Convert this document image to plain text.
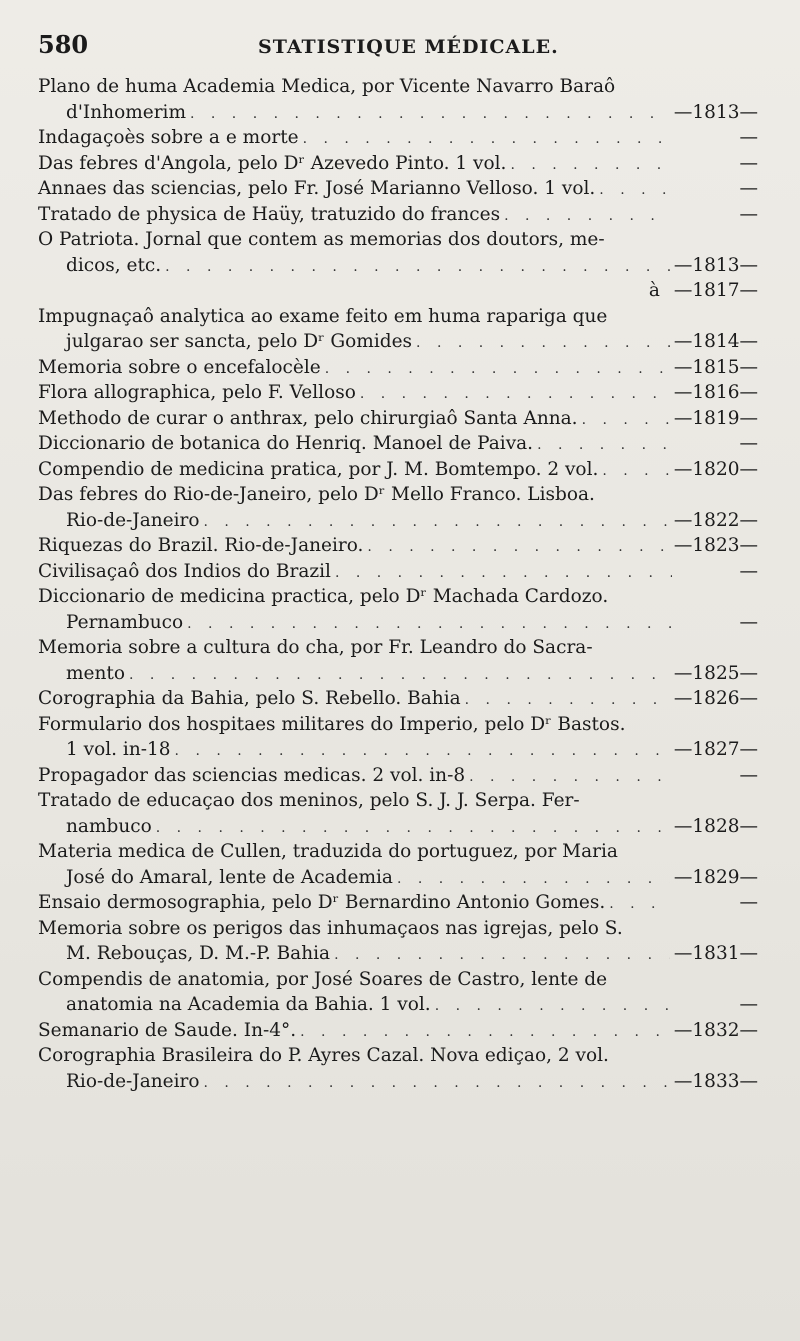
580	STATISTIQUE MÉDICALE.
Plano de huma Academia Medica, por Vicente Navarro Baraô
d'Inhomerim . . .	—1813—
Indagaçoès sobre a e morte . . .	—
Das febres d'Angola, pelo Dʳ Azevedo Pinto. 1 vol. . . .	—
Annaes das sciencias, pelo Fr. José Marianno Velloso. 1 vol. . . .	—
Tratado de physica de Haüy, tratuzido do frances . . .	—
O Patriota. Jornal que contem as memorias dos doutors, me-
dicos, etc. . . .	—1813—
à —1817—
Impugnaçaô analytica ao exame feito em huma rapariga que
julgarao ser sancta, pelo Dʳ Gomides . . .	—1814—
Memoria sobre o encefalocèle . . .	—1815—
Flora allographica, pelo F. Velloso . . .	—1816—
Methodo de curar o anthrax, pelo chirurgiaô Santa Anna. . . .	—1819—
Diccionario de botanica do Henriq. Manoel de Paiva. . . .	—
Compendio de medicina pratica, por J. M. Bomtempo. 2 vol. . . .	—1820—
Das febres do Rio-de-Janeiro, pelo Dʳ Mello Franco. Lisboa.
Rio-de-Janeiro . . .	—1822—
Riquezas do Brazil. Rio-de-Janeiro. . . .	—1823—
Civilisaçaô dos Indios do Brazil . . .	—
Diccionario de medicina practica, pelo Dʳ Machada Cardozo.
Pernambuco . . .	—
Memoria sobre a cultura do cha, por Fr. Leandro do Sacra-
mento . . .	—1825—
Corographia da Bahia, pelo S. Rebello. Bahia . . .	—1826—
Formulario dos hospitaes militares do Imperio, pelo Dʳ Bastos.
1 vol. in-18 . . .	—1827—
Propagador das sciencias medicas. 2 vol. in-8 . . .	—
Tratado de educaçao dos meninos, pelo S. J. J. Serpa. Fer-
nambuco . . .	—1828—
Materia medica de Cullen, traduzida do portuguez, por Maria
José do Amaral, lente de Academia . . .	—1829—
Ensaio dermosographia, pelo Dʳ Bernardino Antonio Gomes. . . .	—
Memoria sobre os perigos das inhumaçaos nas igrejas, pelo S.
M. Rebouças, D. M.-P. Bahia . . .	—1831—
Compendis de anatomia, por José Soares de Castro, lente de
anatomia na Academia da Bahia. 1 vol. . . .	—
Semanario de Saude. In-4°. . . .	—1832—
Corographia Brasileira do P. Ayres Cazal. Nova ediçao, 2 vol.
Rio-de-Janeiro . . .	—1833—
